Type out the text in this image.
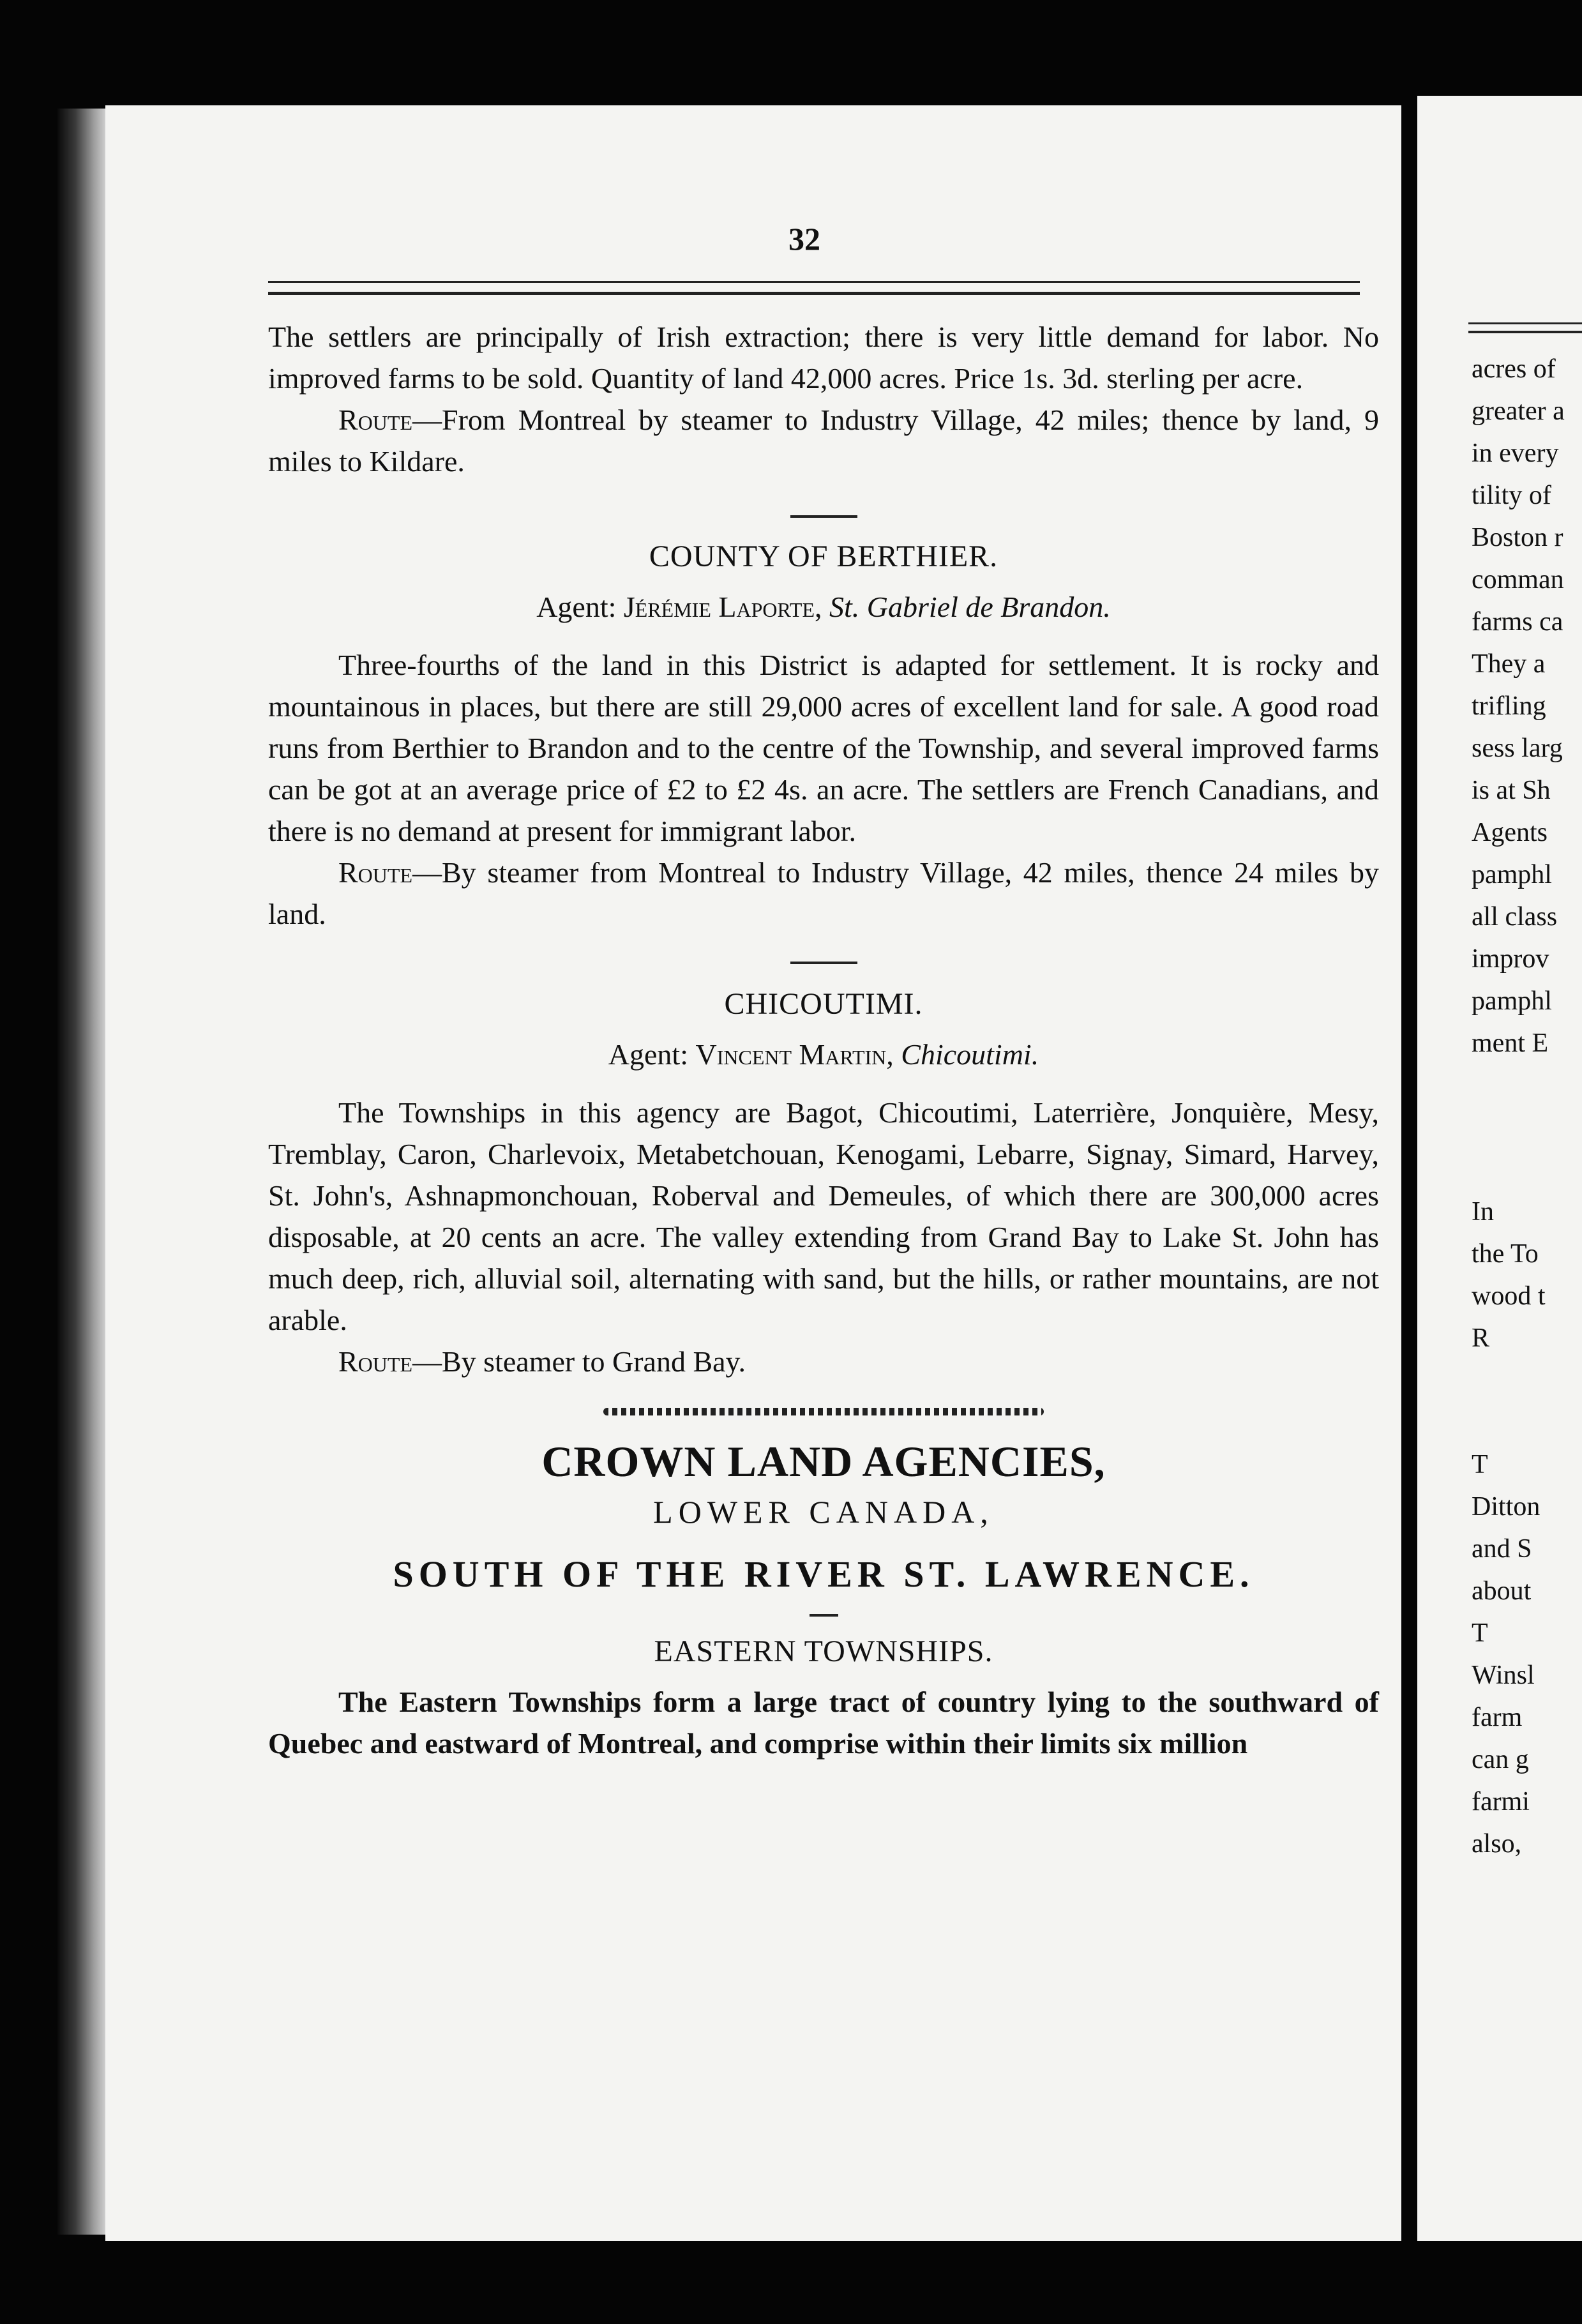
32

The settlers are principally of Irish extraction; there is very little demand for labor. No improved farms to be sold. Quantity of land 42,000 acres. Price 1s. 3d. sterling per acre.

Route—From Montreal by steamer to Industry Village, 42 miles; thence by land, 9 miles to Kildare.

COUNTY OF BERTHIER.

Agent: Jérémie Laporte, St. Gabriel de Brandon.

Three-fourths of the land in this District is adapted for settlement. It is rocky and mountainous in places, but there are still 29,000 acres of excellent land for sale. A good road runs from Berthier to Brandon and to the centre of the Township, and several improved farms can be got at an average price of £2 to £2 4s. an acre. The settlers are French Canadians, and there is no demand at present for immigrant labor.

Route—By steamer from Montreal to Industry Village, 42 miles, thence 24 miles by land.

CHICOUTIMI.

Agent: Vincent Martin, Chicoutimi.

The Townships in this agency are Bagot, Chicoutimi, Laterrière, Jonquière, Mesy, Tremblay, Caron, Charlevoix, Metabetchouan, Kenogami, Lebarre, Signay, Simard, Harvey, St. John's, Ashnapmonchouan, Roberval and Demeules, of which there are 300,000 acres disposable, at 20 cents an acre. The valley extending from Grand Bay to Lake St. John has much deep, rich, alluvial soil, alternating with sand, but the hills, or rather mountains, are not arable.

Route—By steamer to Grand Bay.

CROWN LAND AGENCIES,

LOWER CANADA,

SOUTH OF THE RIVER ST. LAWRENCE.

EASTERN TOWNSHIPS.

The Eastern Townships form a large tract of country lying to the southward of Quebec and eastward of Montreal, and comprise within their limits six million

acres of
greater a
in every
tility of
Boston r
comman
farms ca
They a
trifling
sess larg
is at Sh
Agents
pamphl
all class
improv
pamphl
ment E
In
the To
wood t
R
T
Ditton
and S
about
T
Winsl
farm
can g
farmi
also,
